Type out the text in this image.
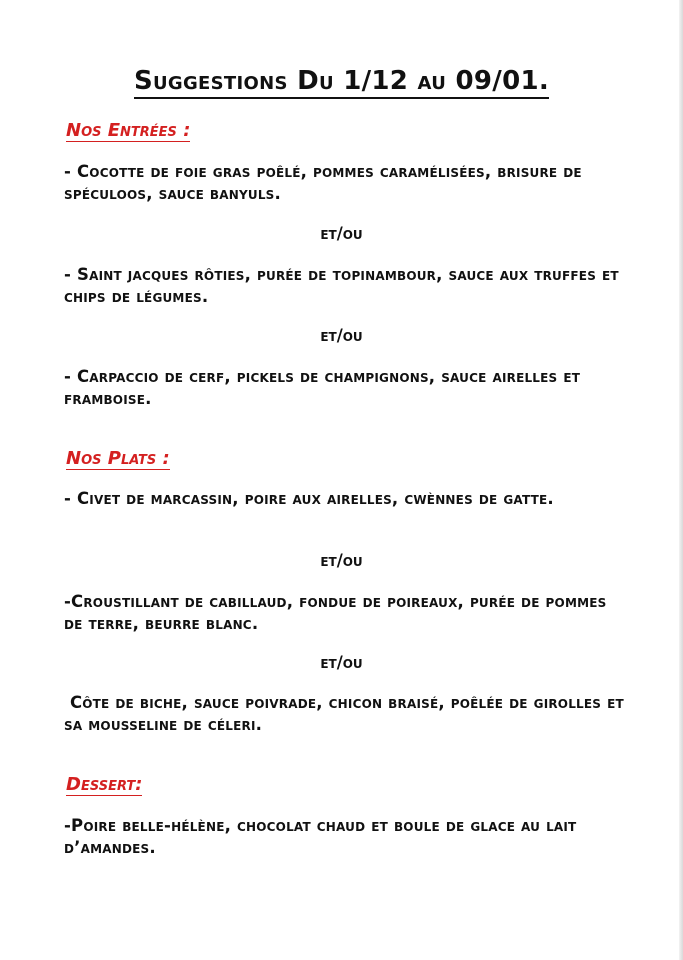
Suggestions Du 1/12 au 09/01.
Nos Entrées :
- Cocotte de foie gras poêlé, pommes caramélisées, brisure de spéculoos, sauce banyuls.
et/ou
- Saint jacques rôties, purée de topinambour, sauce aux truffes et chips de légumes.
et/ou
- Carpaccio de cerf, pickels de champignons, sauce airelles et framboise.
Nos Plats :
- Civet de marcassin, poire aux airelles, cwènnes de gatte.
et/ou
-Croustillant de cabillaud, fondue de poireaux, purée de pommes de terre, beurre blanc.
et/ou
Côte de biche, sauce poivrade, chicon braisé, poêlée de girolles et sa mousseline de céleri.
Dessert:
-Poire belle-hélène, chocolat chaud et boule de glace au lait d’amandes.
